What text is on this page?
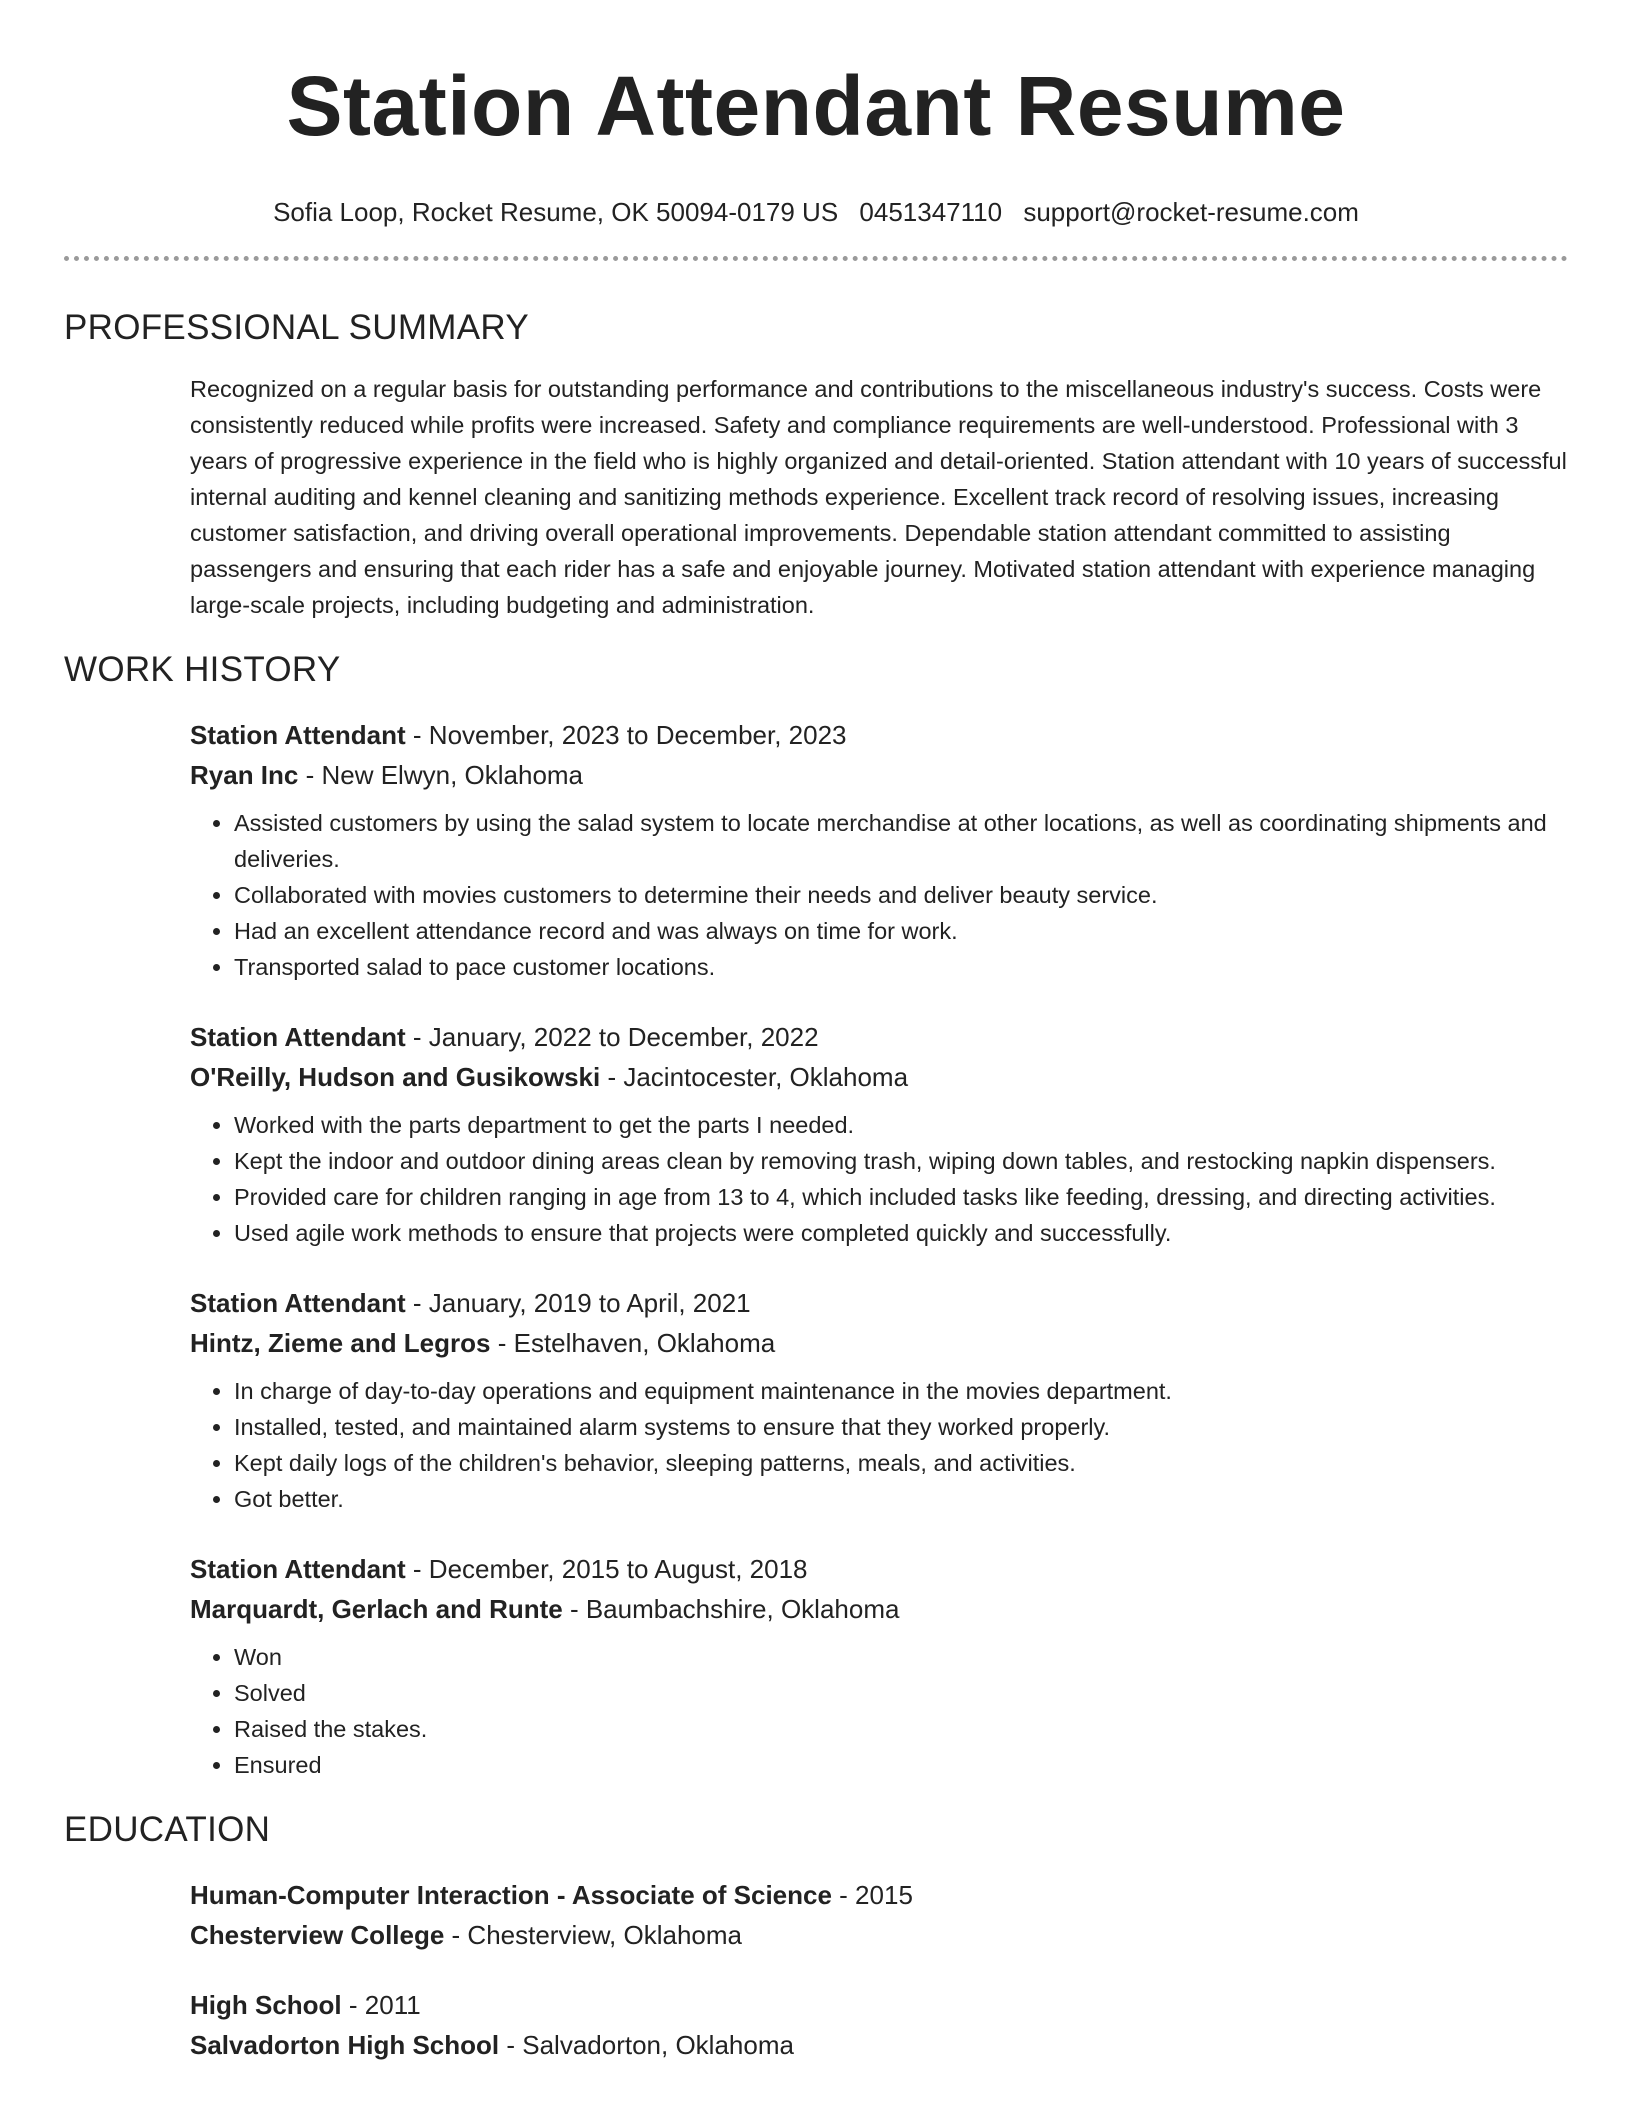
Station Attendant Resume
Sofia Loop, Rocket Resume, OK 50094-0179 US 0451347110 support@rocket-resume.com
PROFESSIONAL SUMMARY

Recognized on a regular basis for outstanding performance and contributions to the miscellaneous industry's success. Costs were consistently reduced while profits were increased. Safety and compliance requirements are well-understood. Professional with 3 years of progressive experience in the field who is highly organized and detail-oriented. Station attendant with 10 years of successful internal auditing and kennel cleaning and sanitizing methods experience. Excellent track record of resolving issues, increasing customer satisfaction, and driving overall operational improvements. Dependable station attendant committed to assisting passengers and ensuring that each rider has a safe and enjoyable journey. Motivated station attendant with experience managing large-scale projects, including budgeting and administration.

WORK HISTORY
Station Attendant - November, 2023 to December, 2023
Ryan Inc - New Elwyn, Oklahoma
• Assisted customers by using the salad system to locate merchandise at other locations, as well as coordinating shipments and deliveries.
• Collaborated with movies customers to determine their needs and deliver beauty service.
• Had an excellent attendance record and was always on time for work.
• Transported salad to pace customer locations.
Station Attendant - January, 2022 to December, 2022
O'Reilly, Hudson and Gusikowski - Jacintocester, Oklahoma
• Worked with the parts department to get the parts I needed.
• Kept the indoor and outdoor dining areas clean by removing trash, wiping down tables, and restocking napkin dispensers.
• Provided care for children ranging in age from 13 to 4, which included tasks like feeding, dressing, and directing activities.
• Used agile work methods to ensure that projects were completed quickly and successfully.
Station Attendant - January, 2019 to April, 2021
Hintz, Zieme and Legros - Estelhaven, Oklahoma
• In charge of day-to-day operations and equipment maintenance in the movies department.
• Installed, tested, and maintained alarm systems to ensure that they worked properly.
• Kept daily logs of the children's behavior, sleeping patterns, meals, and activities.
• Got better.
Station Attendant - December, 2015 to August, 2018
Marquardt, Gerlach and Runte - Baumbachshire, Oklahoma
• Won
• Solved
• Raised the stakes.
• Ensured
EDUCATION
Human-Computer Interaction - Associate of Science - 2015
Chesterview College - Chesterview, Oklahoma
High School - 2011
Salvadorton High School - Salvadorton, Oklahoma
